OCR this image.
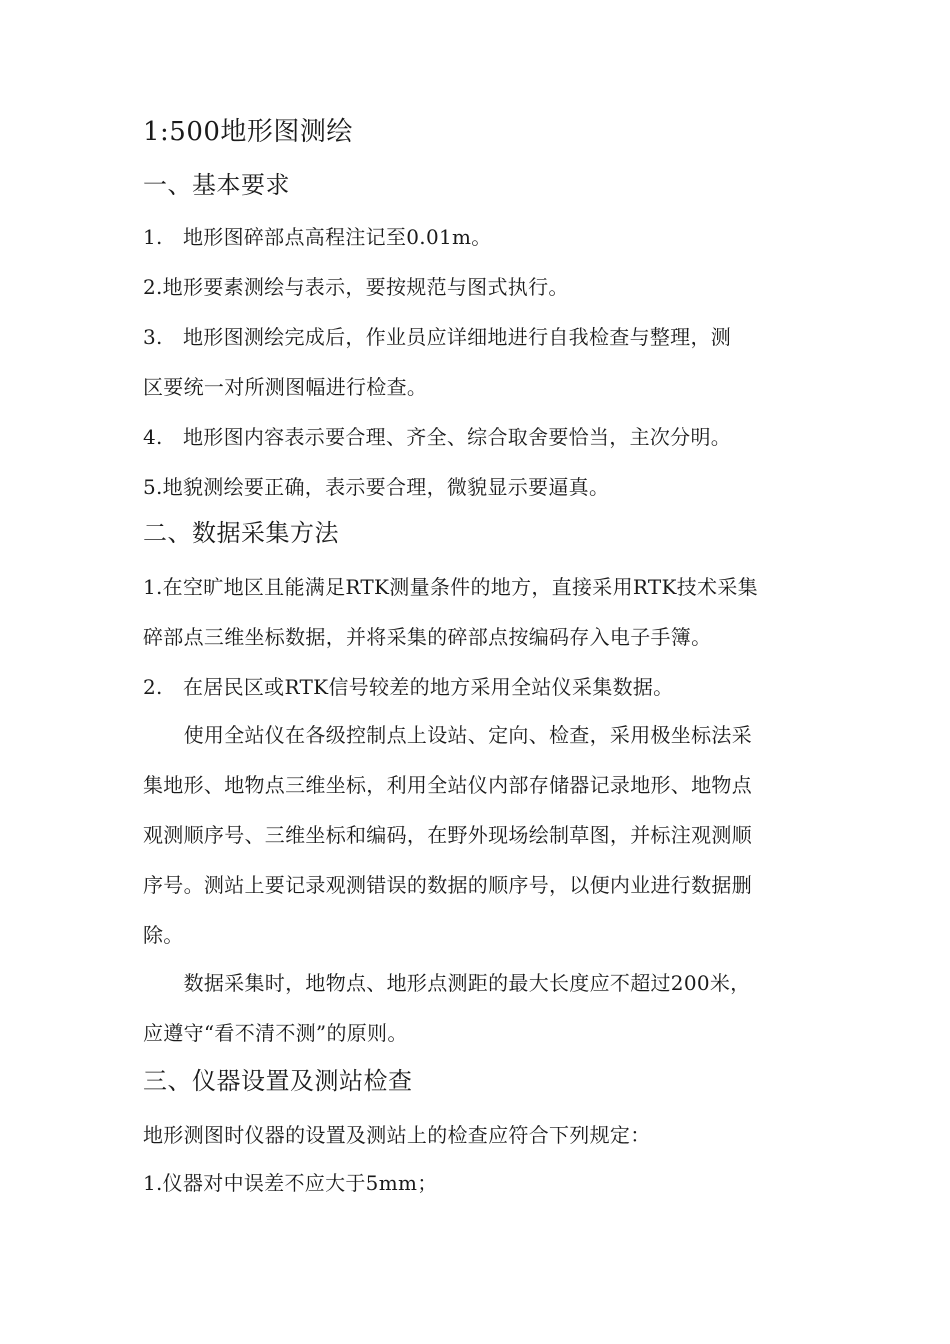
1:500地形图测绘
一、基本要求
1.　地形图碎部点高程注记至0.01m。
2.地形要素测绘与表示，要按规范与图式执行。
3.　地形图测绘完成后，作业员应详细地进行自我检查与整理，测
区要统一对所测图幅进行检查。
4.　地形图内容表示要合理、齐全、综合取舍要恰当，主次分明。
5.地貌测绘要正确，表示要合理，微貌显示要逼真。
二、数据采集方法
1.在空旷地区且能满足RTK测量条件的地方，直接采用RTK技术采集
碎部点三维坐标数据，并将采集的碎部点按编码存入电子手簿。
2.　在居民区或RTK信号较差的地方采用全站仪采集数据。
　　使用全站仪在各级控制点上设站、定向、检查，采用极坐标法采
集地形、地物点三维坐标，利用全站仪内部存储器记录地形、地物点
观测顺序号、三维坐标和编码，在野外现场绘制草图，并标注观测顺
序号。测站上要记录观测错误的数据的顺序号，以便内业进行数据删
除。
　　数据采集时，地物点、地形点测距的最大长度应不超过200米，
应遵守“看不清不测”的原则。
三、仪器设置及测站检查
地形测图时仪器的设置及测站上的检查应符合下列规定：
1.仪器对中误差不应大于5mm；
